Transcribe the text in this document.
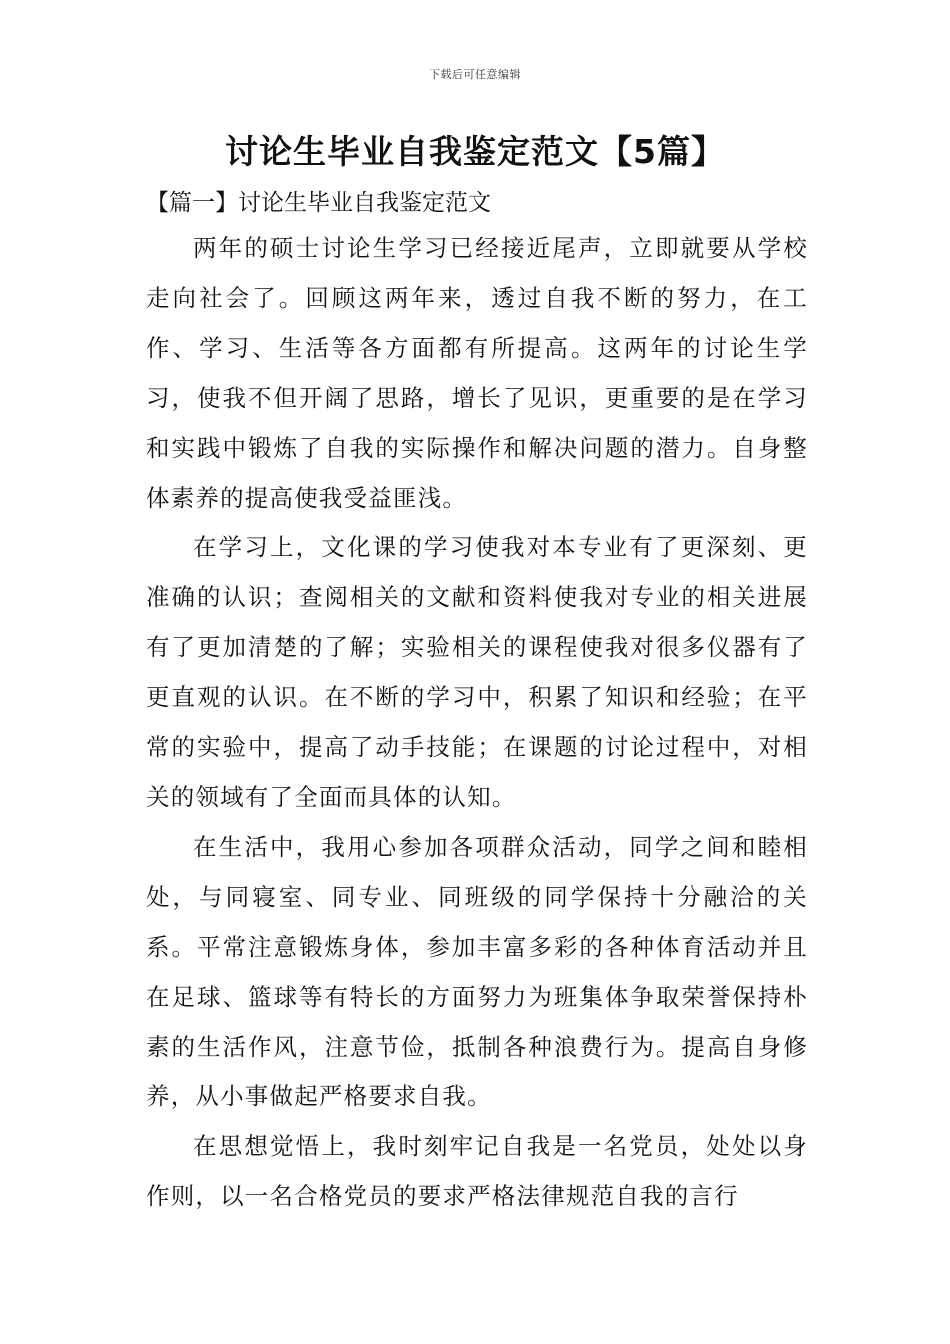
下载后可任意编辑
讨论生毕业自我鉴定范文【5篇】
【篇一】讨论生毕业自我鉴定范文

两年的硕士讨论生学习已经接近尾声，立即就要从学校走向社会了。回顾这两年来，透过自我不断的努力，在工作、学习、生活等各方面都有所提高。这两年的讨论生学习，使我不但开阔了思路，增长了见识，更重要的是在学习和实践中锻炼了自我的实际操作和解决问题的潜力。自身整体素养的提高使我受益匪浅。

在学习上，文化课的学习使我对本专业有了更深刻、更准确的认识；查阅相关的文献和资料使我对专业的相关进展有了更加清楚的了解；实验相关的课程使我对很多仪器有了更直观的认识。在不断的学习中，积累了知识和经验；在平常的实验中，提高了动手技能；在课题的讨论过程中，对相关的领域有了全面而具体的认知。

在生活中，我用心参加各项群众活动，同学之间和睦相处，与同寝室、同专业、同班级的同学保持十分融洽的关系。平常注意锻炼身体，参加丰富多彩的各种体育活动并且在足球、篮球等有特长的方面努力为班集体争取荣誉保持朴素的生活作风，注意节俭，抵制各种浪费行为。提高自身修养，从小事做起严格要求自我。

在思想觉悟上，我时刻牢记自我是一名党员，处处以身作则，以一名合格党员的要求严格法律规范自我的言行
